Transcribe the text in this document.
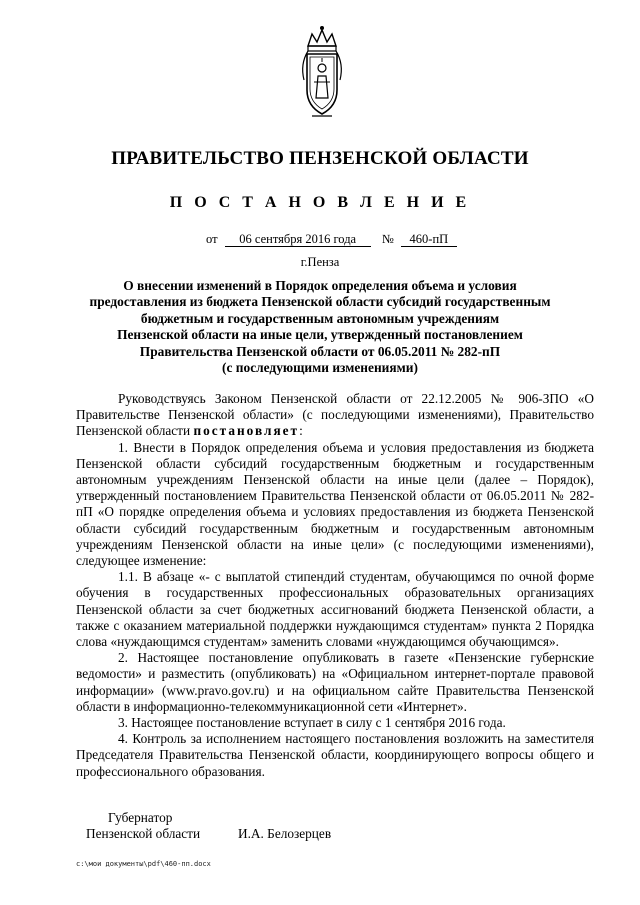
ПРАВИТЕЛЬСТВО ПЕНЗЕНСКОЙ ОБЛАСТИ
П О С Т А Н О В Л Е Н И Е
от 06 сентября 2016 года № 460-пП
г.Пенза
О внесении изменений в Порядок определения объема и условия
предоставления из бюджета Пензенской области субсидий государственным
бюджетным и государственным автономным учреждениям
Пензенской области на иные цели, утвержденный постановлением
Правительства Пензенской области от 06.05.2011 № 282-пП
(с последующими изменениями)

Руководствуясь Законом Пензенской области от 22.12.2005 № 906-ЗПО «О Правительстве Пензенской области» (с последующими изменениями), Правительство Пензенской области постановляет:

1. Внести в Порядок определения объема и условия предоставления из бюджета Пензенской области субсидий государственным бюджетным и государственным автономным учреждениям Пензенской области на иные цели (далее – Порядок), утвержденный постановлением Правительства Пензенской области от 06.05.2011 № 282-пП «О порядке определения объема и условиях предоставления из бюджета Пензенской области субсидий государственным бюджетным и государственным автономным учреждениям Пензенской области на иные цели» (с последующими изменениями), следующее изменение:

1.1. В абзаце «- с выплатой стипендий студентам, обучающимся по очной форме обучения в государственных профессиональных образовательных организациях Пензенской области за счет бюджетных ассигнований бюджета Пензенской области, а также с оказанием материальной поддержки нуждающимся студентам» пункта 2 Порядка слова «нуждающимся студентам» заменить словами «нуждающимся обучающимся».

2. Настоящее постановление опубликовать в газете «Пензенские губернские ведомости» и разместить (опубликовать) на «Официальном интернет-портале правовой информации» (www.pravo.gov.ru) и на официальном сайте Правительства Пензенской области в информационно-телекоммуникационной сети «Интернет».

3. Настоящее постановление вступает в силу с 1 сентября 2016 года.

4. Контроль за исполнением настоящего постановления возложить на заместителя Председателя Правительства Пензенской области, координирующего вопросы общего и профессионального образования.

Губернатор
Пензенской области	И.А. Белозерцев
c:\мои документы\pdf\460-пп.docx
